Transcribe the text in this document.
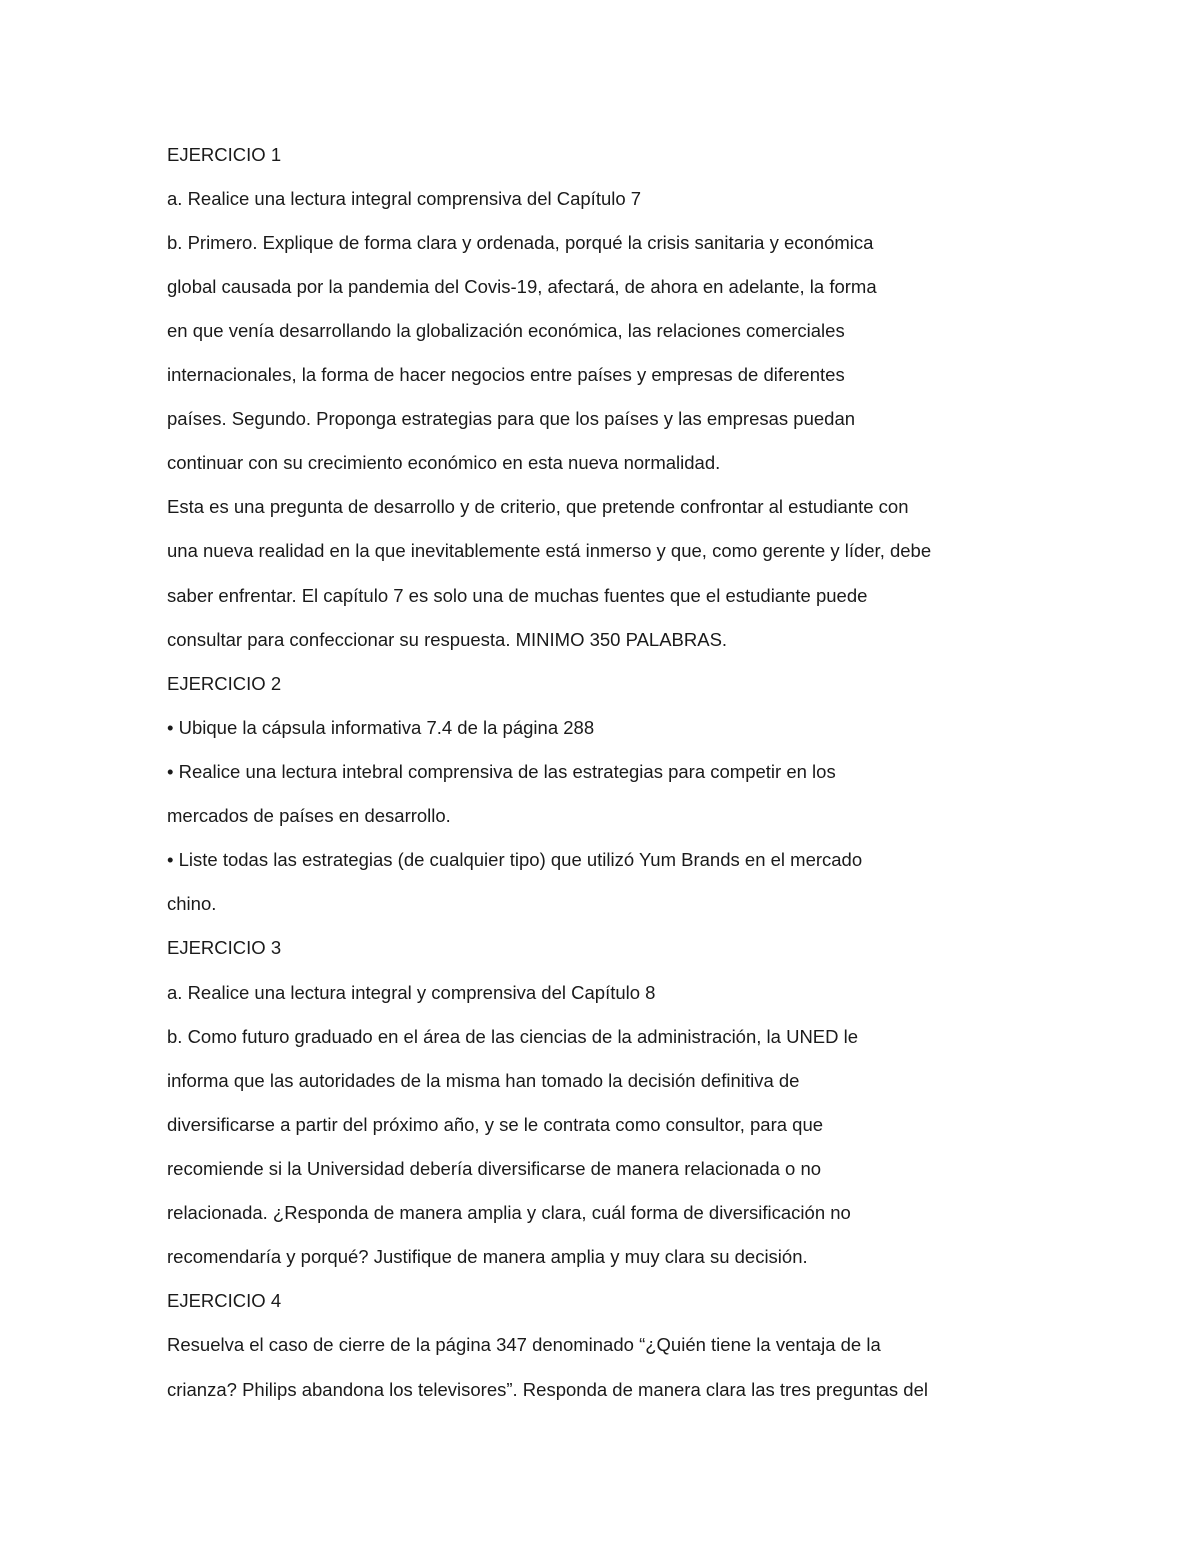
EJERCICIO 1

a. Realice una lectura integral comprensiva del Capítulo 7

b. Primero. Explique de forma clara y ordenada, porqué la crisis sanitaria y económica

global causada por la pandemia del Covis-19, afectará, de ahora en adelante, la forma

en que venía desarrollando la globalización económica, las relaciones comerciales

internacionales, la forma de hacer negocios entre países y empresas de diferentes

países. Segundo. Proponga estrategias para que los países y las empresas puedan

continuar con su crecimiento económico en esta nueva normalidad.

Esta es una pregunta de desarrollo y de criterio, que pretende confrontar al estudiante con

una nueva realidad en la que inevitablemente está inmerso y que, como gerente y líder, debe

saber enfrentar. El capítulo 7 es solo una de muchas fuentes que el estudiante puede

consultar para confeccionar su respuesta. MINIMO 350 PALABRAS.

EJERCICIO 2

• Ubique la cápsula informativa 7.4 de la página 288

• Realice una lectura intebral comprensiva de las estrategias para competir en los

mercados de países en desarrollo.

• Liste todas las estrategias (de cualquier tipo) que utilizó Yum Brands en el mercado

chino.

EJERCICIO 3

a. Realice una lectura integral y comprensiva del Capítulo 8

b. Como futuro graduado en el área de las ciencias de la administración, la UNED le

informa que las autoridades de la misma han tomado la decisión definitiva de

diversificarse a partir del próximo año, y se le contrata como consultor, para que

recomiende si la Universidad debería diversificarse de manera relacionada o no

relacionada. ¿Responda de manera amplia y clara, cuál forma de diversificación no

recomendaría y porqué? Justifique de manera amplia y muy clara su decisión.

EJERCICIO 4

Resuelva el caso de cierre de la página 347 denominado “¿Quién tiene la ventaja de la

crianza? Philips abandona los televisores”. Responda de manera clara las tres preguntas del
